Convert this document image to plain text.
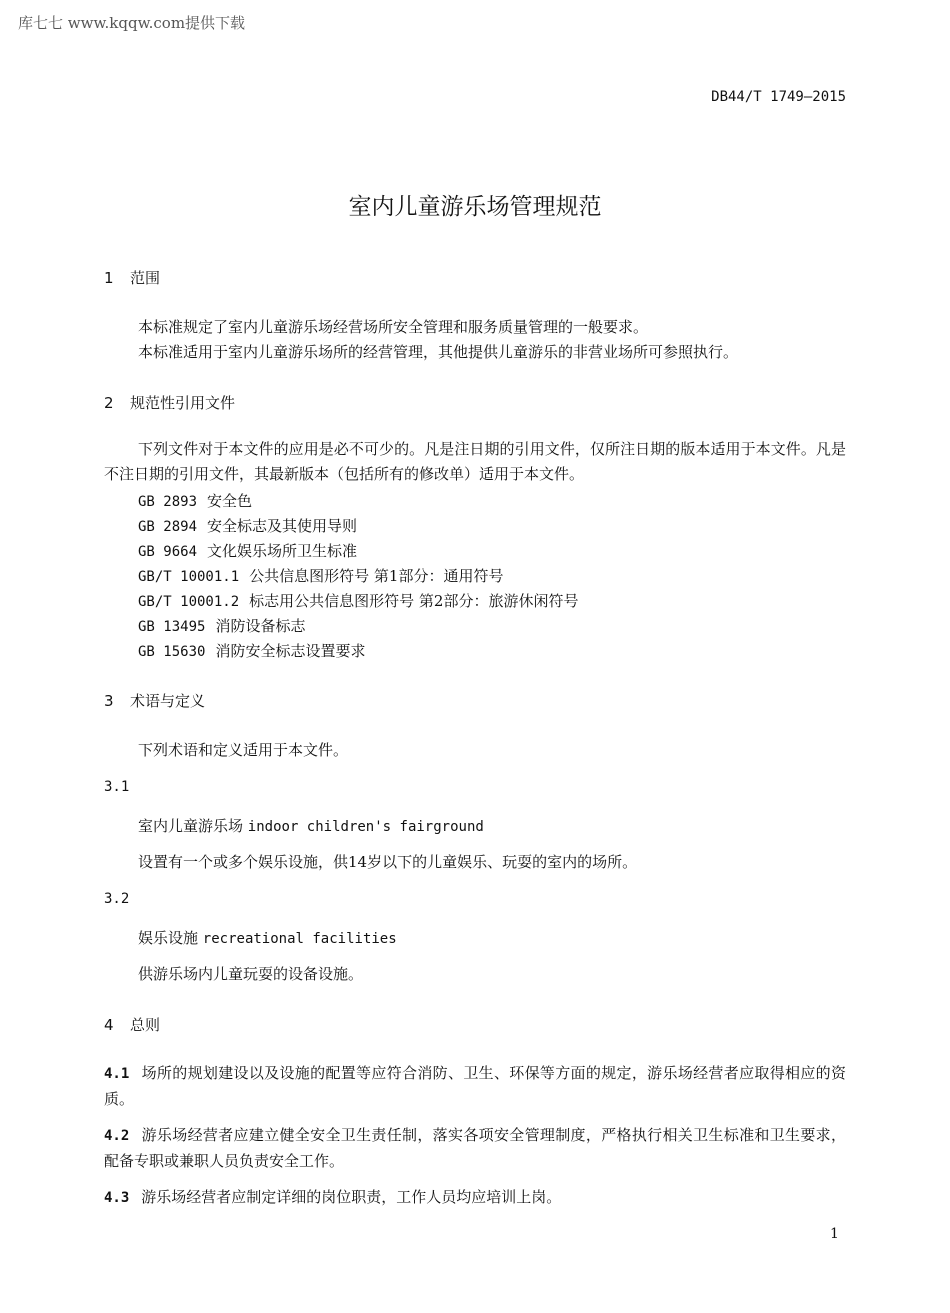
库七七 www.kqqw.com提供下载
DB44/T 1749—2015
室内儿童游乐场管理规范
1 范围
本标准规定了室内儿童游乐场经营场所安全管理和服务质量管理的一般要求。
本标准适用于室内儿童游乐场所的经营管理，其他提供儿童游乐的非营业场所可参照执行。
2 规范性引用文件
下列文件对于本文件的应用是必不可少的。凡是注日期的引用文件，仅所注日期的版本适用于本文件。凡是不注日期的引用文件，其最新版本（包括所有的修改单）适用于本文件。
GB 2893 安全色
GB 2894 安全标志及其使用导则
GB 9664 文化娱乐场所卫生标准
GB/T 10001.1 公共信息图形符号 第1部分：通用符号
GB/T 10001.2 标志用公共信息图形符号 第2部分：旅游休闲符号
GB 13495 消防设备标志
GB 15630 消防安全标志设置要求
3 术语与定义
下列术语和定义适用于本文件。
3.1
室内儿童游乐场 indoor children's fairground
设置有一个或多个娱乐设施，供14岁以下的儿童娱乐、玩耍的室内的场所。
3.2
娱乐设施 recreational facilities
供游乐场内儿童玩耍的设备设施。
4 总则
4.1 场所的规划建设以及设施的配置等应符合消防、卫生、环保等方面的规定，游乐场经营者应取得相应的资质。
4.2 游乐场经营者应建立健全安全卫生责任制，落实各项安全管理制度，严格执行相关卫生标准和卫生要求，配备专职或兼职人员负责安全工作。
4.3 游乐场经营者应制定详细的岗位职责，工作人员均应培训上岗。
1
